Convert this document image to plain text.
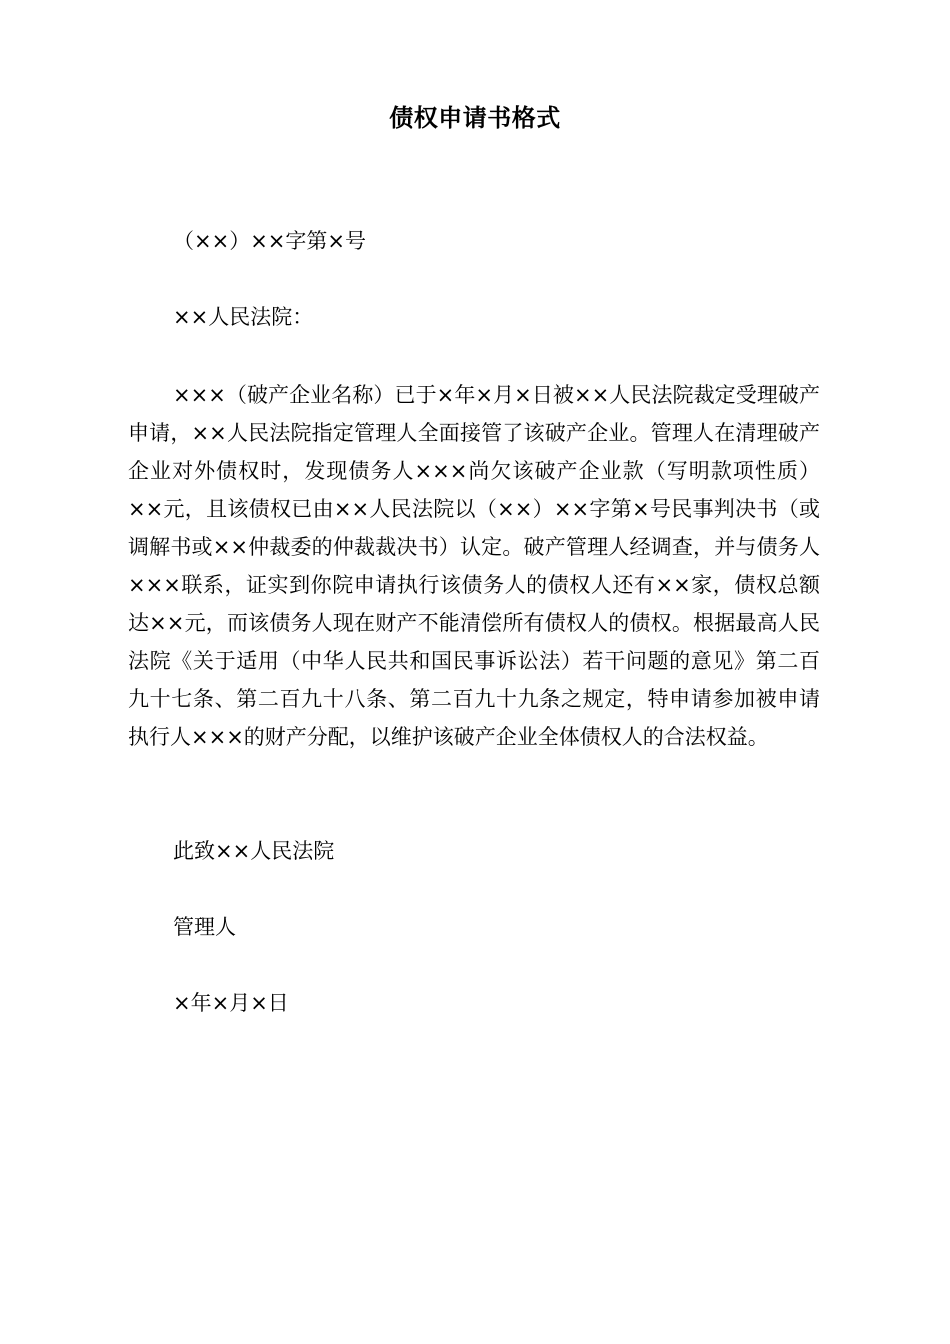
债权申请书格式
（××）××字第×号
××人民法院：

×××（破产企业名称）已于×年×月×日被××人民法院裁定受理破产申请，××人民法院指定管理人全面接管了该破产企业。管理人在清理破产企业对外债权时，发现债务人×××尚欠该破产企业款（写明款项性质）××元，且该债权已由××人民法院以（××）××字第×号民事判决书（或调解书或××仲裁委的仲裁裁决书）认定。破产管理人经调查，并与债务人×××联系，证实到你院申请执行该债务人的债权人还有××家，债权总额达××元，而该债务人现在财产不能清偿所有债权人的债权。根据最高人民法院《关于适用（中华人民共和国民事诉讼法）若干问题的意见》第二百九十七条、第二百九十八条、第二百九十九条之规定，特申请参加被申请执行人×××的财产分配，以维护该破产企业全体债权人的合法权益。

此致××人民法院
管理人
×年×月×日
